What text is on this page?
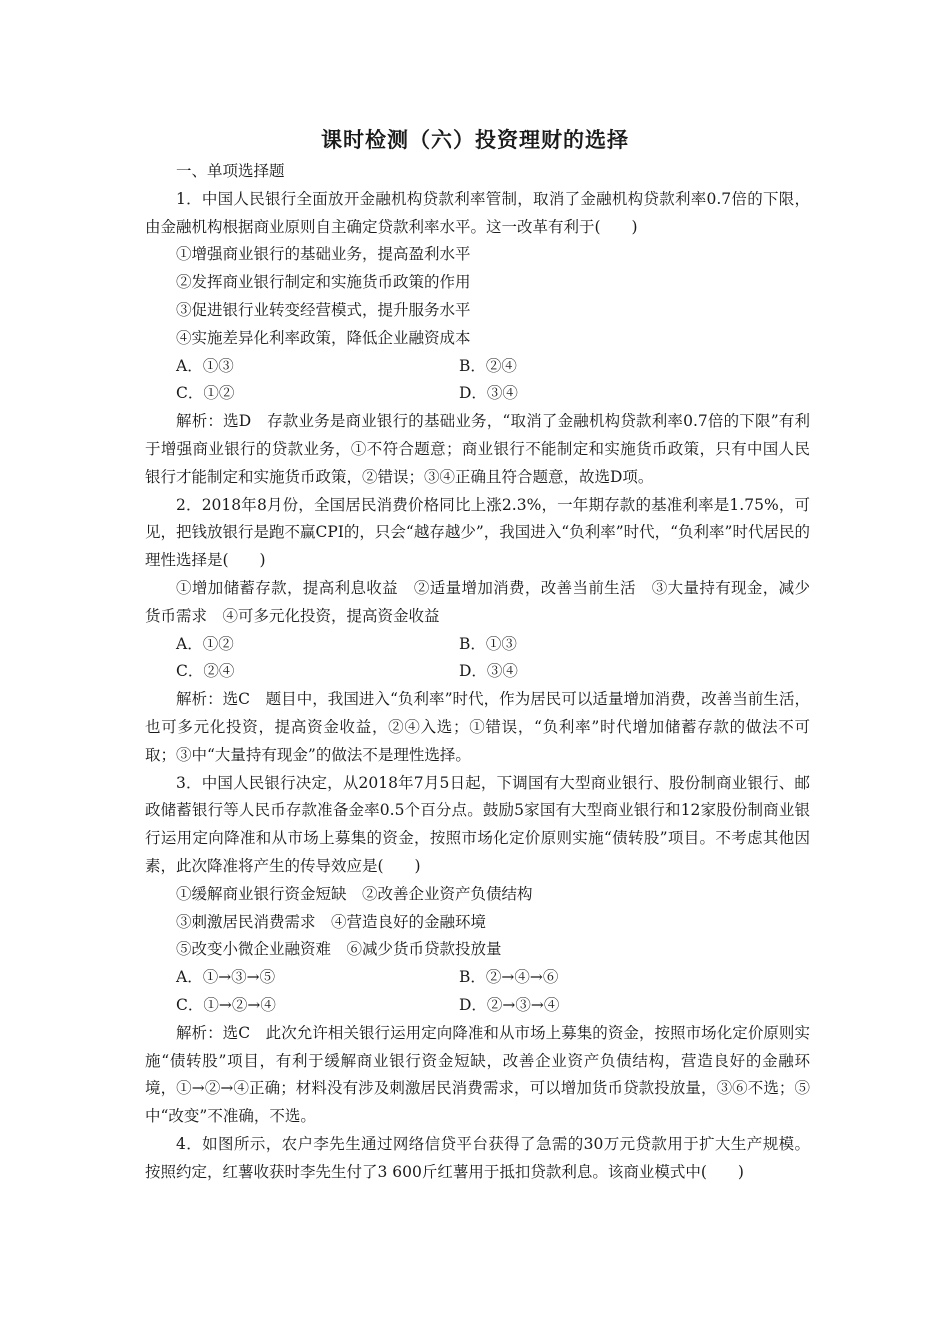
课时检测（六）投资理财的选择

一、单项选择题

1．中国人民银行全面放开金融机构贷款利率管制，取消了金融机构贷款利率0.7倍的下限，由金融机构根据商业原则自主确定贷款利率水平。这一改革有利于(　　)

①增强商业银行的基础业务，提高盈利水平

②发挥商业银行制定和实施货币政策的作用

③促进银行业转变经营模式，提升服务水平

④实施差异化利率政策，降低企业融资成本

A．①③	B．②④
C．①②	D．③④

解析：选D　存款业务是商业银行的基础业务，“取消了金融机构贷款利率0.7倍的下限”有利于增强商业银行的贷款业务，①不符合题意；商业银行不能制定和实施货币政策，只有中国人民银行才能制定和实施货币政策，②错误；③④正确且符合题意，故选D项。

2．2018年8月份，全国居民消费价格同比上涨2.3%，一年期存款的基准利率是1.75%，可见，把钱放银行是跑不赢CPI的，只会“越存越少”，我国进入“负利率”时代，“负利率”时代居民的理性选择是(　　)

①增加储蓄存款，提高利息收益　②适量增加消费，改善当前生活　③大量持有现金，减少货币需求　④可多元化投资，提高资金收益

A．①②	B．①③
C．②④	D．③④

解析：选C　题目中，我国进入“负利率”时代，作为居民可以适量增加消费，改善当前生活，也可多元化投资，提高资金收益，②④入选；①错误，“负利率”时代增加储蓄存款的做法不可取；③中“大量持有现金”的做法不是理性选择。

3．中国人民银行决定，从2018年7月5日起，下调国有大型商业银行、股份制商业银行、邮政储蓄银行等人民币存款准备金率0.5个百分点。鼓励5家国有大型商业银行和12家股份制商业银行运用定向降准和从市场上募集的资金，按照市场化定价原则实施“债转股”项目。不考虑其他因素，此次降准将产生的传导效应是(　　)

①缓解商业银行资金短缺　②改善企业资产负债结构

③刺激居民消费需求　④营造良好的金融环境

⑤改变小微企业融资难　⑥减少货币贷款投放量

A．①→③→⑤	B．②→④→⑥
C．①→②→④	D．②→③→④

解析：选C　此次允许相关银行运用定向降准和从市场上募集的资金，按照市场化定价原则实施“债转股”项目，有利于缓解商业银行资金短缺，改善企业资产负债结构，营造良好的金融环境，①→②→④正确；材料没有涉及刺激居民消费需求，可以增加货币贷款投放量，③⑥不选；⑤中“改变”不准确，不选。

4．如图所示，农户李先生通过网络信贷平台获得了急需的30万元贷款用于扩大生产规模。按照约定，红薯收获时李先生付了3 600斤红薯用于抵扣贷款利息。该商业模式中(　　)
